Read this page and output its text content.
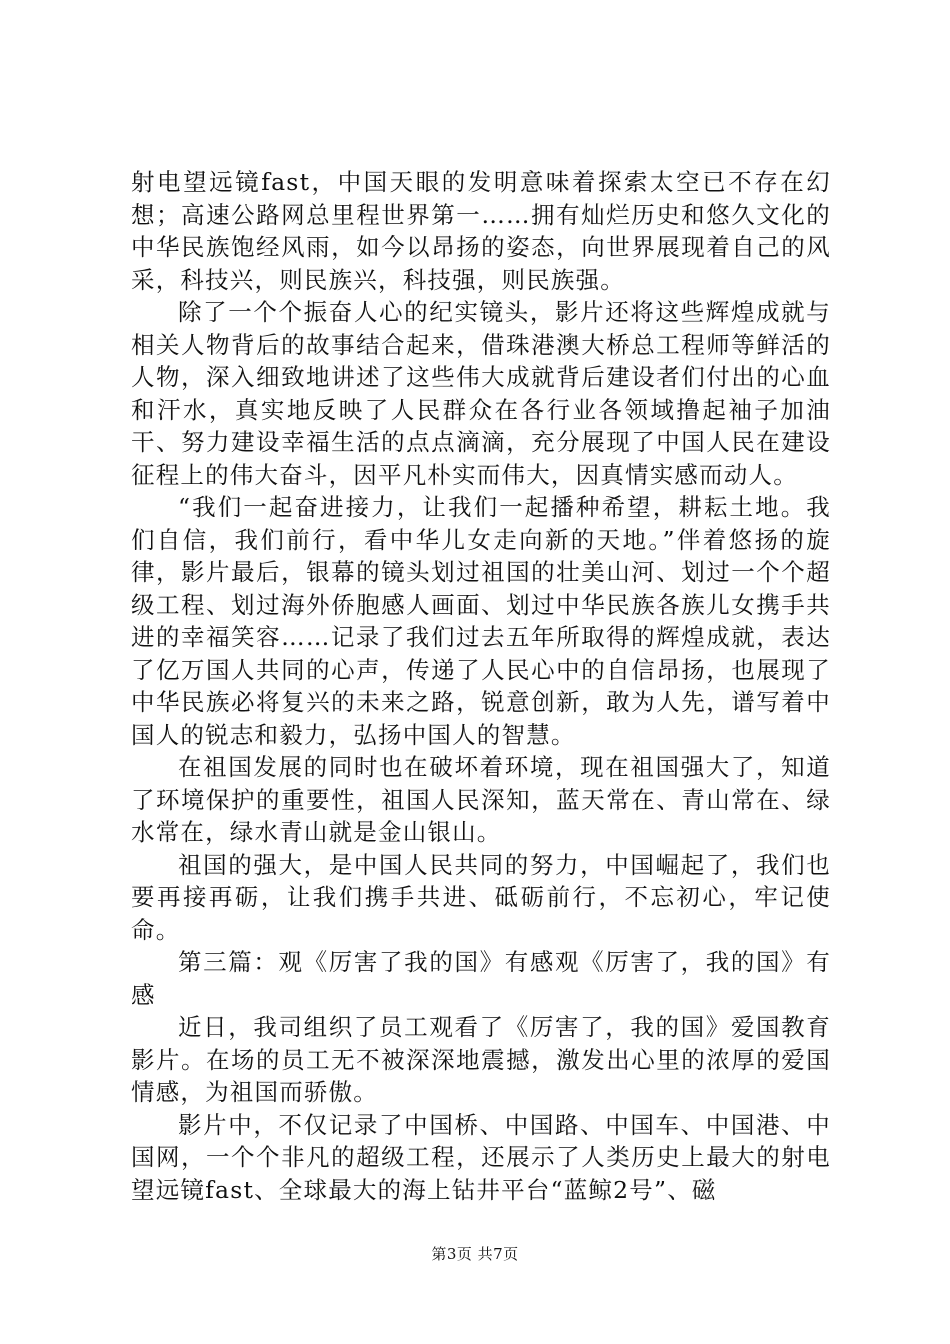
射电望远镜fast，中国天眼的发明意味着探索太空已不存在幻想；高速公路网总里程世界第一……拥有灿烂历史和悠久文化的中华民族饱经风雨，如今以昂扬的姿态，向世界展现着自己的风采，科技兴，则民族兴，科技强，则民族强。

除了一个个振奋人心的纪实镜头，影片还将这些辉煌成就与相关人物背后的故事结合起来，借珠港澳大桥总工程师等鲜活的人物，深入细致地讲述了这些伟大成就背后建设者们付出的心血和汗水，真实地反映了人民群众在各行业各领域撸起袖子加油干、努力建设幸福生活的点点滴滴，充分展现了中国人民在建设征程上的伟大奋斗，因平凡朴实而伟大，因真情实感而动人。

“我们一起奋进接力，让我们一起播种希望，耕耘土地。我们自信，我们前行，看中华儿女走向新的天地。”伴着悠扬的旋律，影片最后，银幕的镜头划过祖国的壮美山河、划过一个个超级工程、划过海外侨胞感人画面、划过中华民族各族儿女携手共进的幸福笑容……记录了我们过去五年所取得的辉煌成就，表达了亿万国人共同的心声，传递了人民心中的自信昂扬，也展现了中华民族必将复兴的未来之路，锐意创新，敢为人先，谱写着中国人的锐志和毅力，弘扬中国人的智慧。

在祖国发展的同时也在破坏着环境，现在祖国强大了，知道了环境保护的重要性，祖国人民深知，蓝天常在、青山常在、绿水常在，绿水青山就是金山银山。

祖国的强大，是中国人民共同的努力，中国崛起了，我们也要再接再砺，让我们携手共进、砥砺前行，不忘初心，牢记使命。

第三篇：观《厉害了我的国》有感观《厉害了，我的国》有感

近日，我司组织了员工观看了《厉害了，我的国》爱国教育影片。在场的员工无不被深深地震撼，激发出心里的浓厚的爱国情感，为祖国而骄傲。

影片中，不仅记录了中国桥、中国路、中国车、中国港、中国网，一个个非凡的超级工程，还展示了人类历史上最大的射电望远镜fast、全球最大的海上钻井平台“蓝鲸2号”、磁

第3页 共7页
